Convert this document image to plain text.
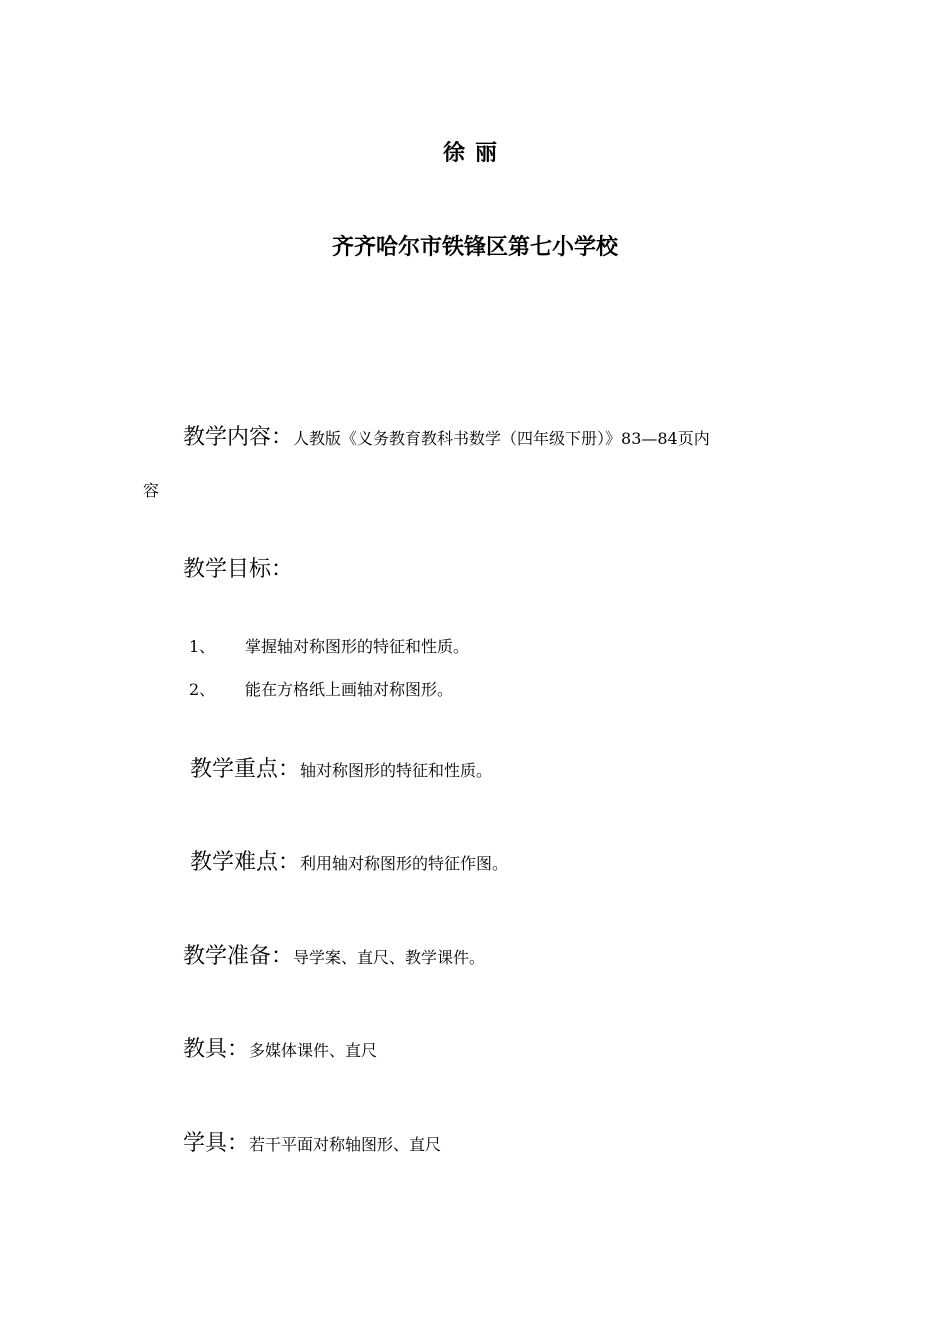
徐丽
齐齐哈尔市铁锋区第七小学校
教学内容：人教版《义务教育教科书数学（四年级下册）》83—84页内
容
教学目标：
1、 掌握轴对称图形的特征和性质。
2、 能在方格纸上画轴对称图形。
教学重点：轴对称图形的特征和性质。
教学难点：利用轴对称图形的特征作图。
教学准备：导学案、直尺、教学课件。
教具：多媒体课件、直尺
学具：若干平面对称轴图形、直尺
